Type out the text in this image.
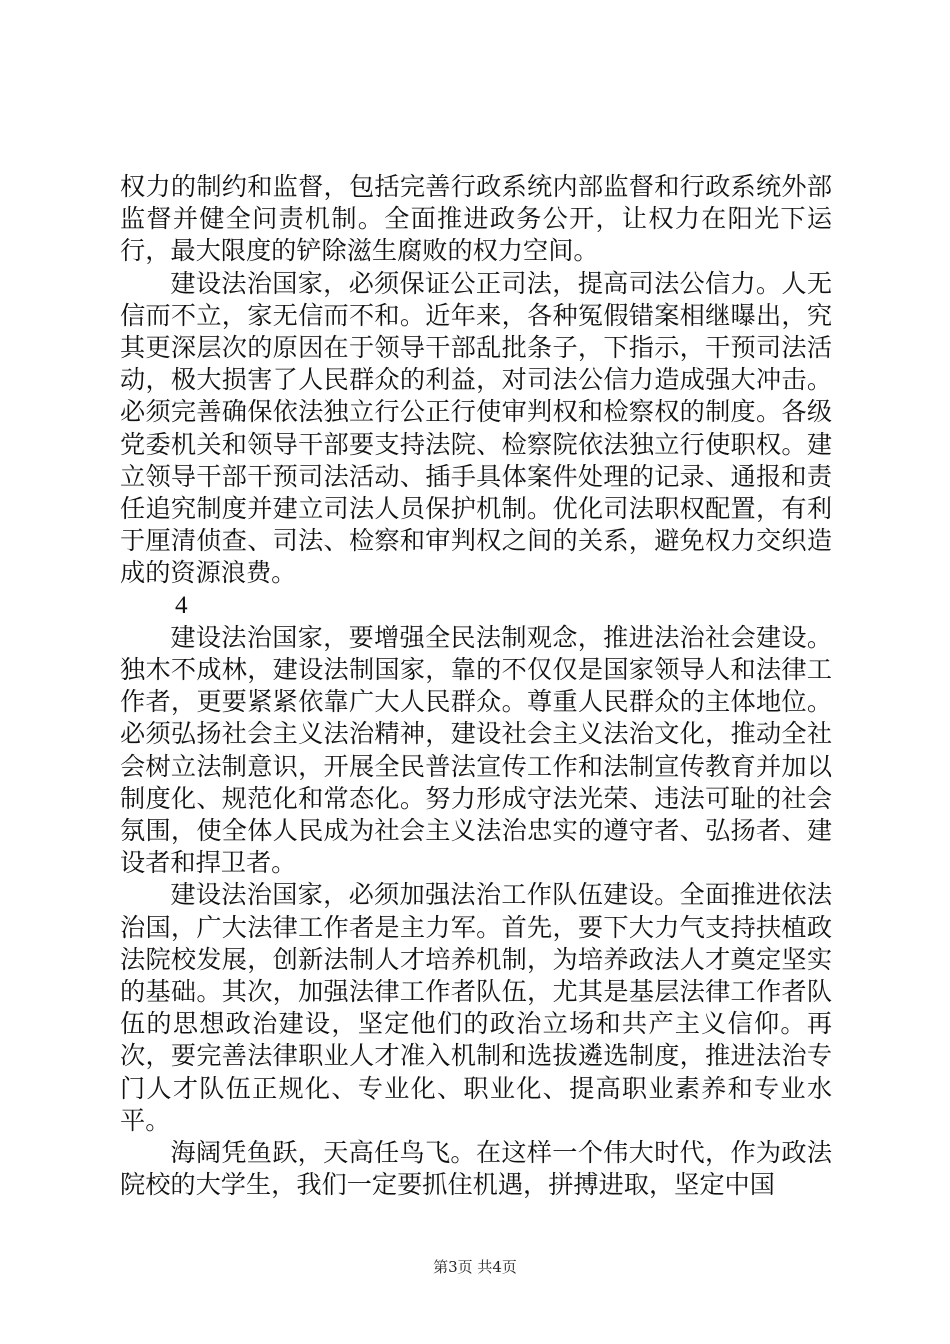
权力的制约和监督，包括完善行政系统内部监督和行政系统外部监督并健全问责机制。全面推进政务公开，让权力在阳光下运行，最大限度的铲除滋生腐败的权力空间。

建设法治国家，必须保证公正司法，提高司法公信力。人无信而不立，家无信而不和。近年来，各种冤假错案相继曝出，究其更深层次的原因在于领导干部乱批条子，下指示，干预司法活动，极大损害了人民群众的利益，对司法公信力造成强大冲击。必须完善确保依法独立行公正行使审判权和检察权的制度。各级党委机关和领导干部要支持法院、检察院依法独立行使职权。建立领导干部干预司法活动、插手具体案件处理的记录、通报和责任追究制度并建立司法人员保护机制。优化司法职权配置，有利于厘清侦查、司法、检察和审判权之间的关系，避免权力交织造成的资源浪费。

4

建设法治国家，要增强全民法制观念，推进法治社会建设。独木不成林，建设法制国家，靠的不仅仅是国家领导人和法律工作者，更要紧紧依靠广大人民群众。尊重人民群众的主体地位。必须弘扬社会主义法治精神，建设社会主义法治文化，推动全社会树立法制意识，开展全民普法宣传工作和法制宣传教育并加以制度化、规范化和常态化。努力形成守法光荣、违法可耻的社会氛围，使全体人民成为社会主义法治忠实的遵守者、弘扬者、建设者和捍卫者。

建设法治国家，必须加强法治工作队伍建设。全面推进依法治国，广大法律工作者是主力军。首先，要下大力气支持扶植政法院校发展，创新法制人才培养机制，为培养政法人才奠定坚实的基础。其次，加强法律工作者队伍，尤其是基层法律工作者队伍的思想政治建设，坚定他们的政治立场和共产主义信仰。再次，要完善法律职业人才准入机制和选拔遴选制度，推进法治专门人才队伍正规化、专业化、职业化、提高职业素养和专业水平。

海阔凭鱼跃，天高任鸟飞。在这样一个伟大时代，作为政法院校的大学生，我们一定要抓住机遇，拼搏进取，坚定中国

第3页 共4页
